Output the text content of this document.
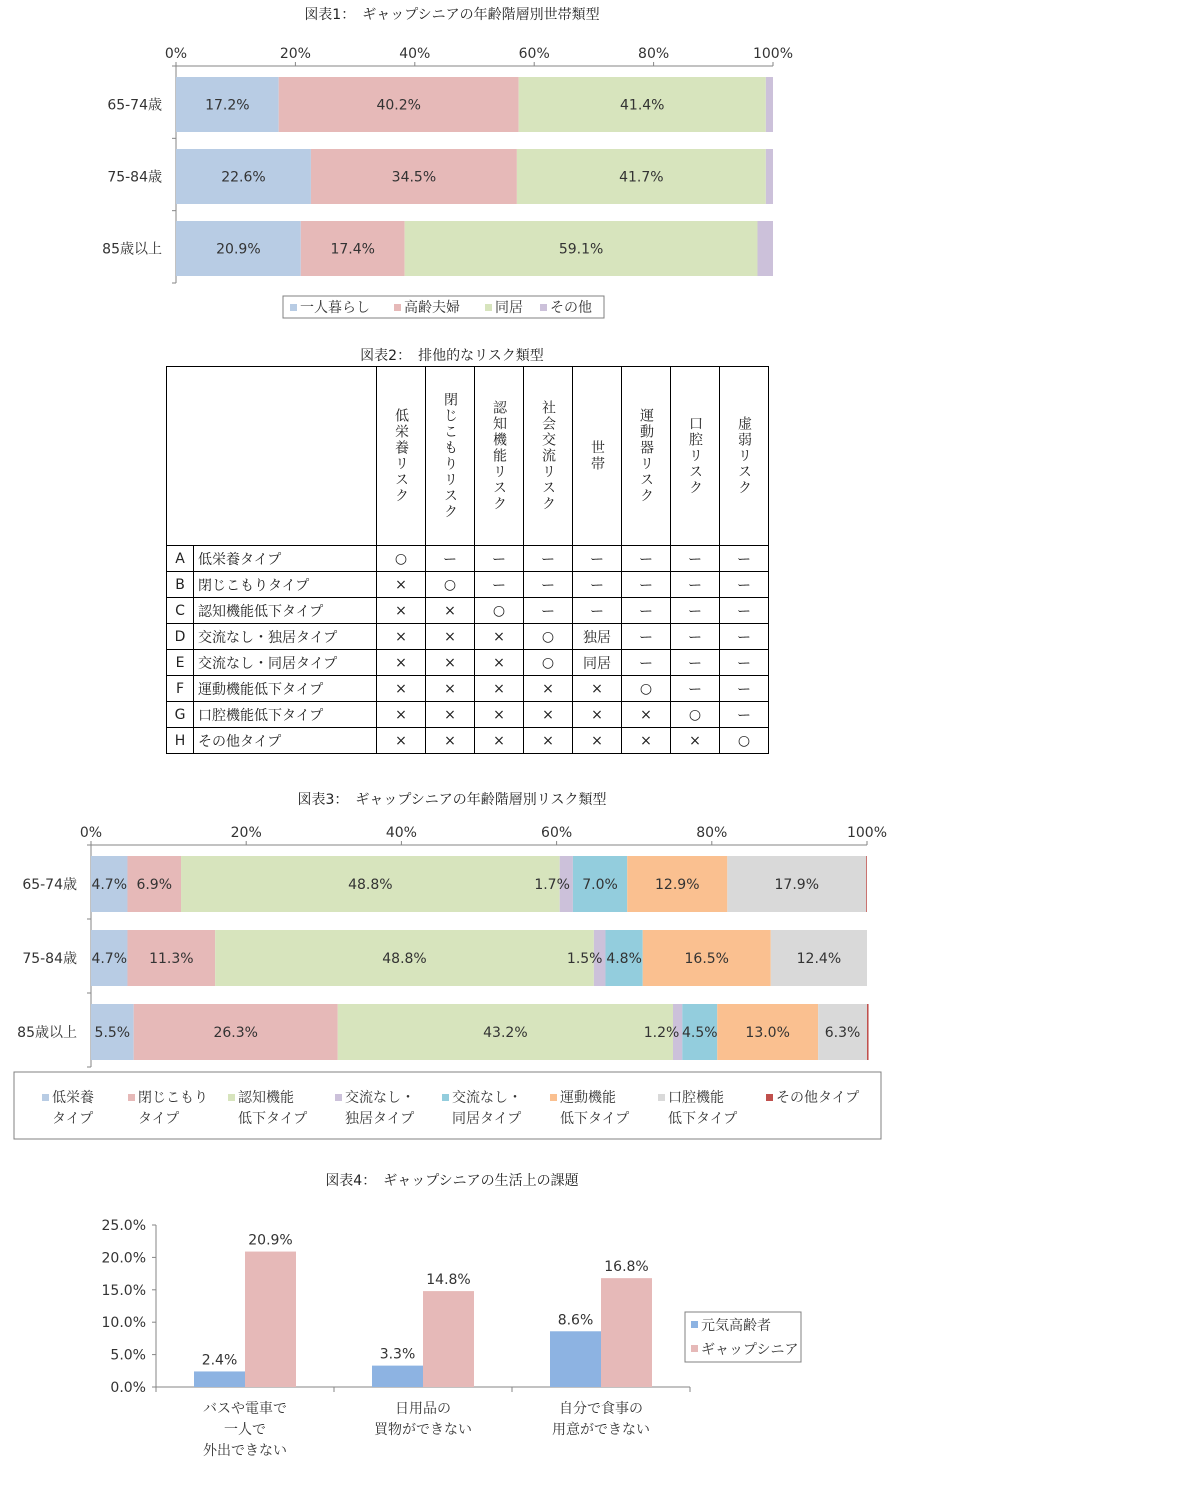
図表1：　ギャップシニアの年齢階層別世帯類型
0%	20%	40%	60%	80%	100%
65-74歳	17.2%	40.2%	41.4%
75-84歳	22.6%	34.5%	41.7%
85歳以上	20.9%	17.4%	59.1%
一人暮らし 高齢夫婦	同居 その他
図表2：　排他的なリスク類型

		低栄養リスク	閉じこもりリスク	認知機能リスク	社会交流リスク	世帯	運動器リスク	口腔リスク	虚弱リスク

A	低栄養タイプ	○	ー	ー	ー	ー	ー	ー	ー
B	閉じこもりタイプ	×	○	ー	ー	ー	ー	ー	ー
C	認知機能低下タイプ	×	×	○	ー	ー	ー	ー	ー
D	交流なし・独居タイプ	×	×	×	○	独居	ー	ー	ー
E	交流なし・同居タイプ	×	×	×	○	同居	ー	ー	ー
F	運動機能低下タイプ	×	×	×	×	×	○	ー	ー
G	口腔機能低下タイプ	×	×	×	×	×	×	○	ー
H	その他タイプ	×	×	×	×	×	×	×	○
図表3：　ギャップシニアの年齢階層別リスク類型
0%	20%	40%	60%	80%	100%
65-74歳 4.7% 6.9%	48.8%	1.7% 7.0%	12.9%	17.9%
75-84歳 4.7% 11.3%	48.8%	1.5% 4.8%	16.5%	12.4%
85歳以上 5.5%	26.3%	43.2%	1.2% 4.5% 13.0% 6.3%
低栄養
タイプ
閉じこもり
タイプ
認知機能
低下タイプ
交流なし・
独居タイプ
交流なし・
同居タイプ
運動機能
低下タイプ
口腔機能
低下タイプ
その他タイプ
図表4：　ギャップシニアの生活上の課題
0.0%
5.0%
10.0%
15.0%
20.0%
25.0%
2.4%
20.9%
バスや電車で
一人で
外出できない
3.3%
14.8%
日用品の
買物ができない
8.6%
16.8%
自分で食事の
用意ができない
元気高齢者
ギャップシニア
